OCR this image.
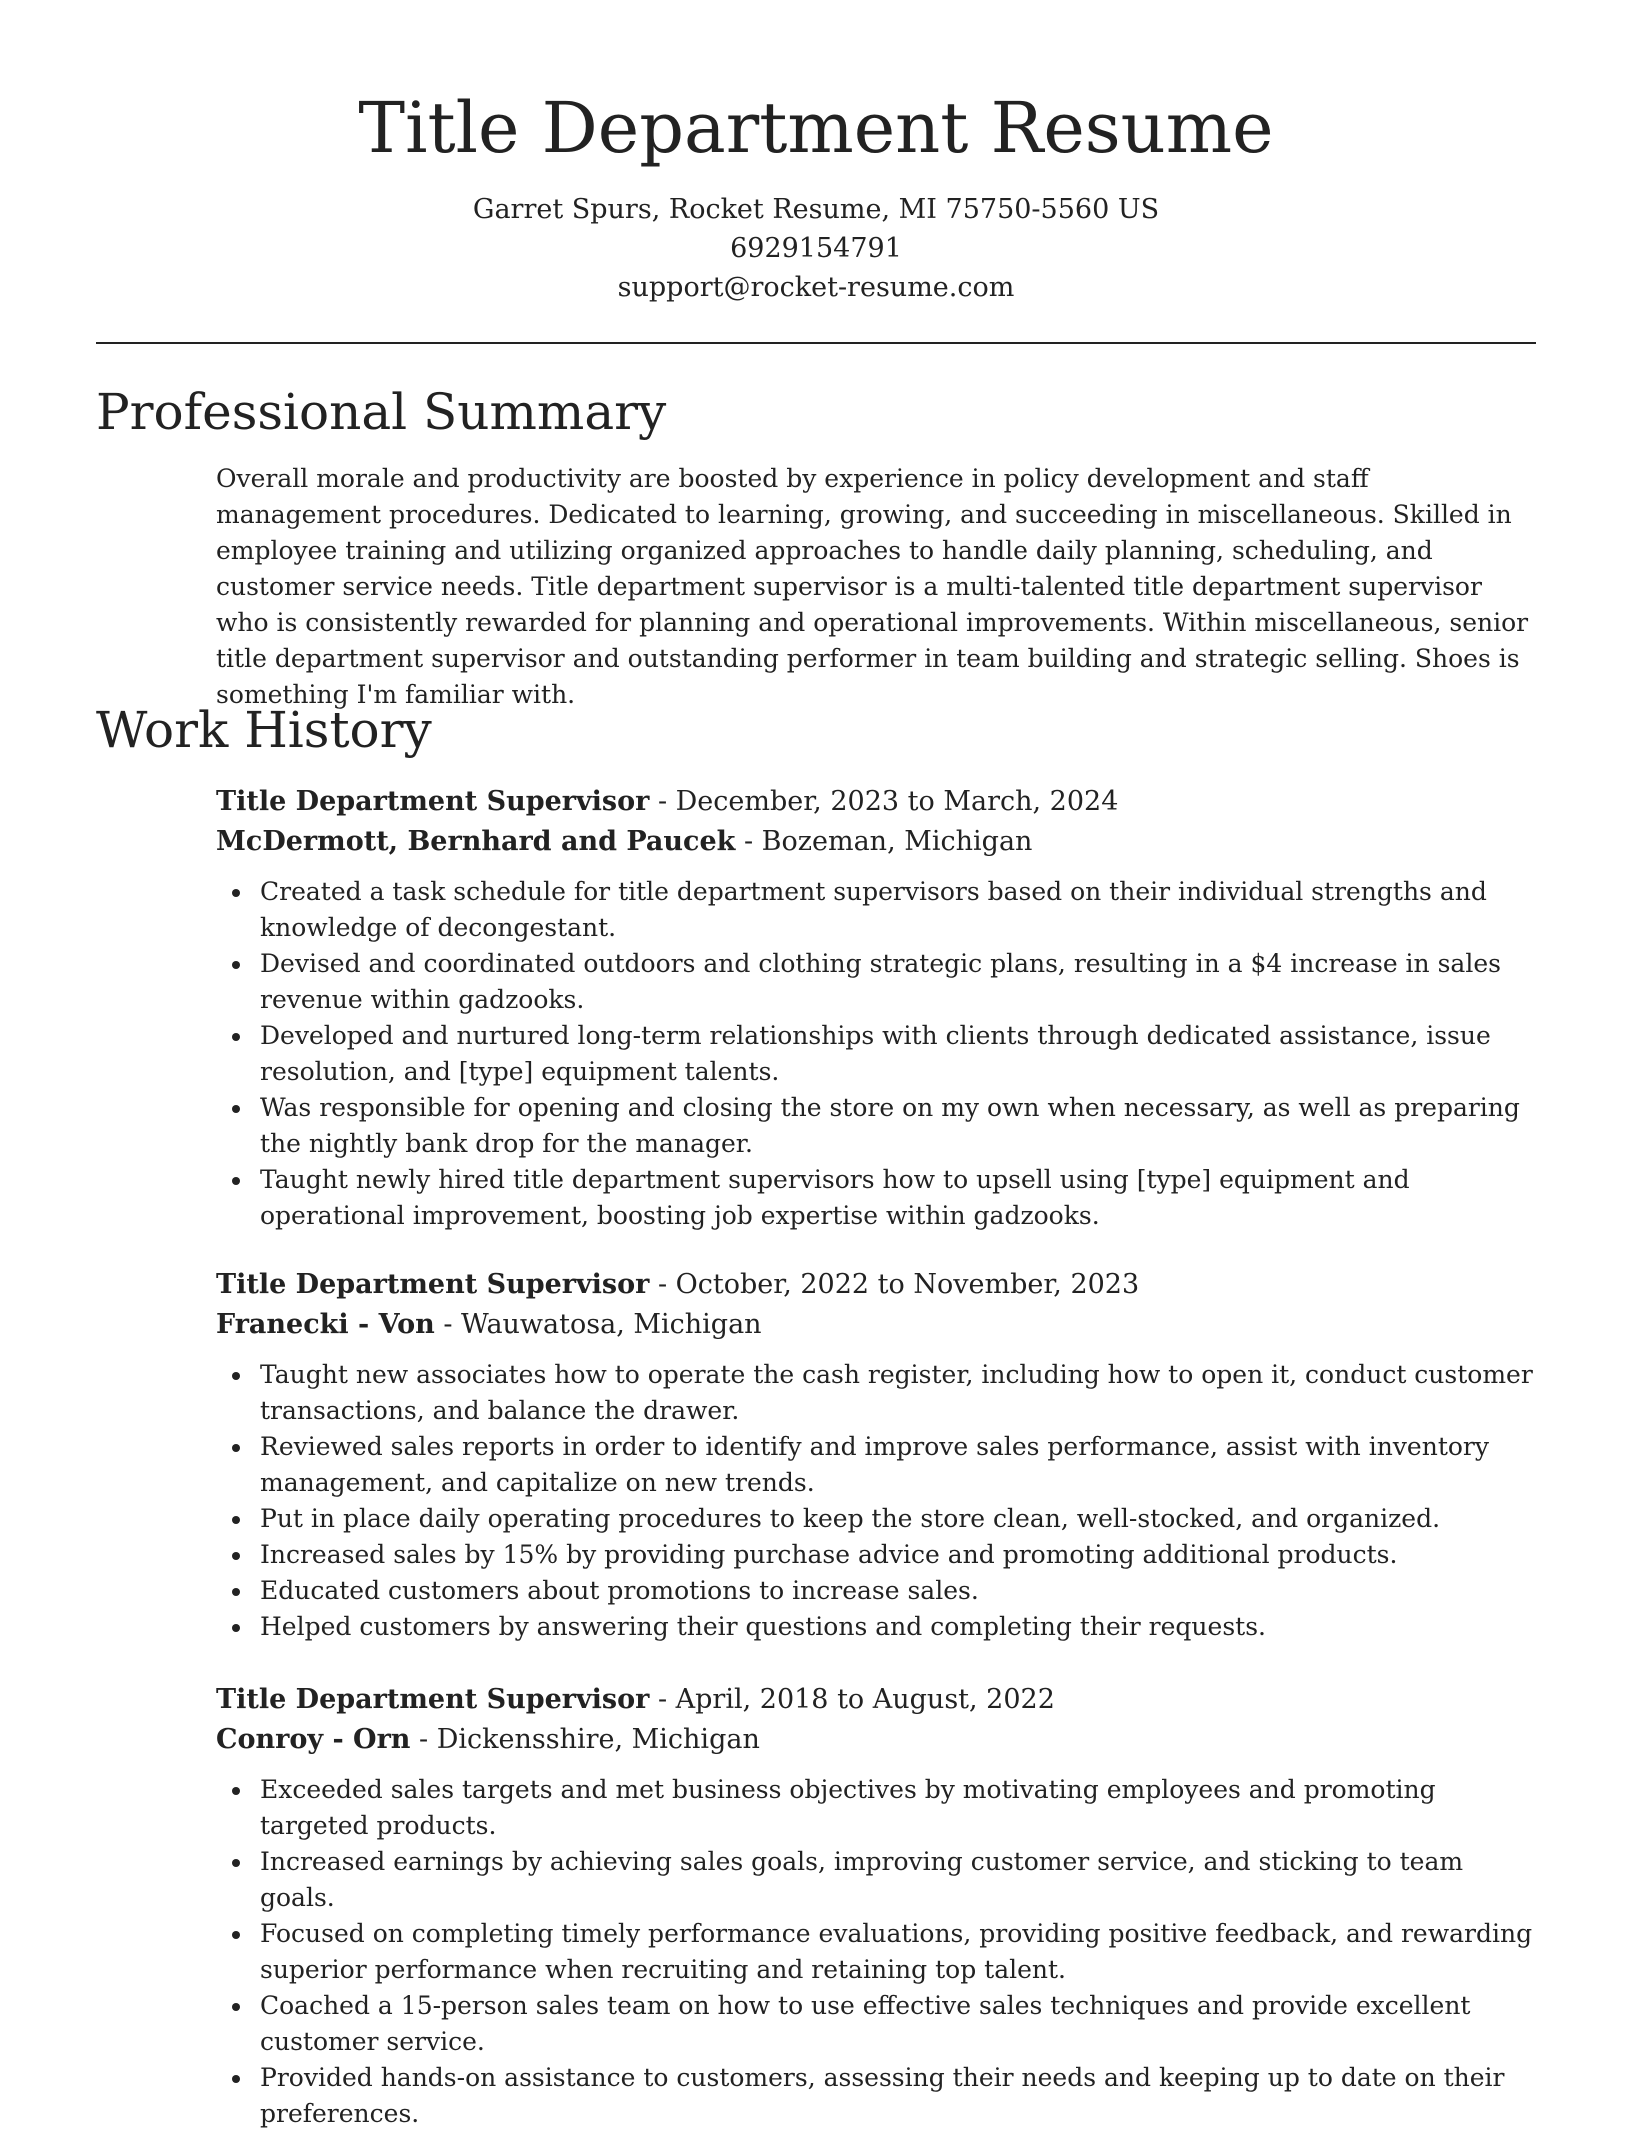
Title Department Resume
Garret Spurs, Rocket Resume, MI 75750-5560 US
6929154791
support@rocket-resume.com
Professional Summary

Overall morale and productivity are boosted by experience in policy development and staff management procedures. Dedicated to learning, growing, and succeeding in miscellaneous. Skilled in employee training and utilizing organized approaches to handle daily planning, scheduling, and customer service needs. Title department supervisor is a multi-talented title department supervisor who is consistently rewarded for planning and operational improvements. Within miscellaneous, senior title department supervisor and outstanding performer in team building and strategic selling. Shoes is something I'm familiar with.

Work History
Title Department Supervisor - December, 2023 to March, 2024
McDermott, Bernhard and Paucek - Bozeman, Michigan
Created a task schedule for title department supervisors based on their individual strengths and knowledge of decongestant.
Devised and coordinated outdoors and clothing strategic plans, resulting in a $4 increase in sales revenue within gadzooks.
Developed and nurtured long-term relationships with clients through dedicated assistance, issue resolution, and [type] equipment talents.
Was responsible for opening and closing the store on my own when necessary, as well as preparing the nightly bank drop for the manager.
Taught newly hired title department supervisors how to upsell using [type] equipment and operational improvement, boosting job expertise within gadzooks.
Title Department Supervisor - October, 2022 to November, 2023
Franecki - Von - Wauwatosa, Michigan
Taught new associates how to operate the cash register, including how to open it, conduct customer transactions, and balance the drawer.
Reviewed sales reports in order to identify and improve sales performance, assist with inventory management, and capitalize on new trends.
Put in place daily operating procedures to keep the store clean, well-stocked, and organized.
Increased sales by 15% by providing purchase advice and promoting additional products.
Educated customers about promotions to increase sales.
Helped customers by answering their questions and completing their requests.
Title Department Supervisor - April, 2018 to August, 2022
Conroy - Orn - Dickensshire, Michigan
Exceeded sales targets and met business objectives by motivating employees and promoting targeted products.
Increased earnings by achieving sales goals, improving customer service, and sticking to team goals.
Focused on completing timely performance evaluations, providing positive feedback, and rewarding superior performance when recruiting and retaining top talent.
Coached a 15-person sales team on how to use effective sales techniques and provide excellent customer service.
Provided hands-on assistance to customers, assessing their needs and keeping up to date on their preferences.
